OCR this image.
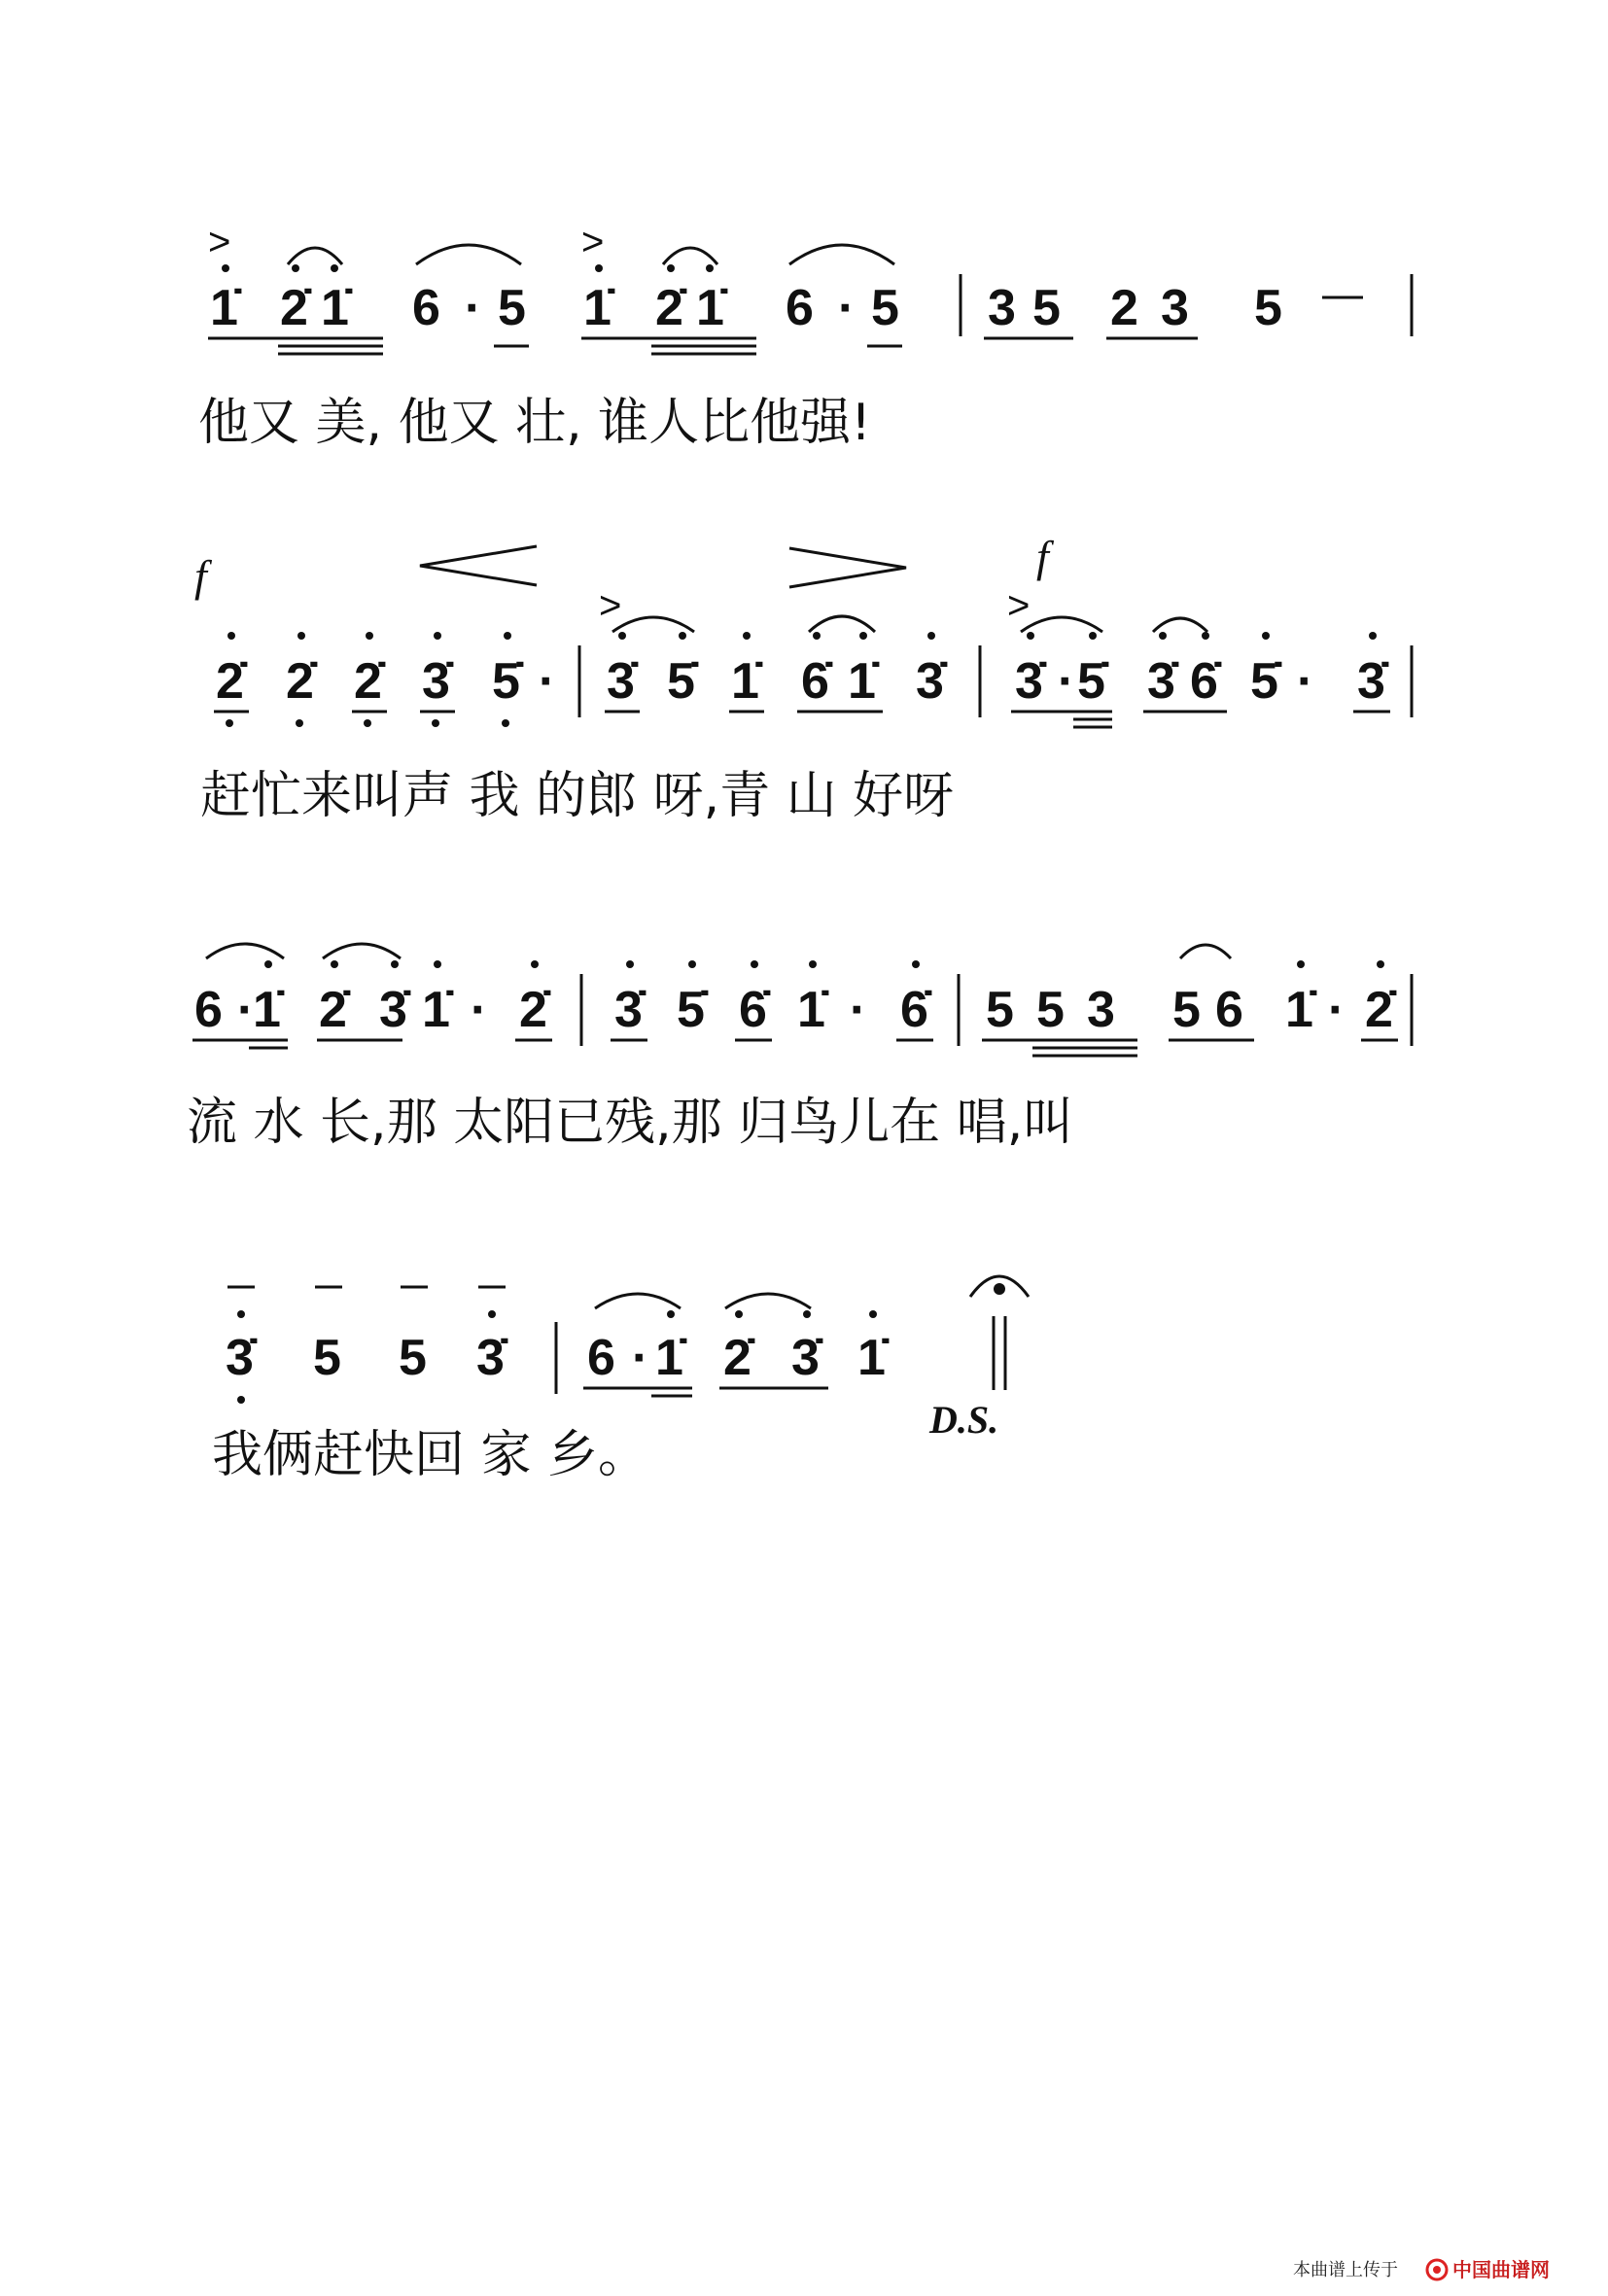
>	>
1̇ 2̇ 1̇ 6 · 5 1̇ 2̇ 1̇ 6 · 5 3 5 2 3 5
他又 美, 他又 壮, 谁人比他强!
f	f
>	>
2̇ 2̇ 2̇ 3̇ 5̇ · 3̇ 5̇ 1̇ 6̇ 1̇ 3̇ 3̇ · 5̇ 3̇ 6̇ 5̇ · 3̇
赶忙来叫声 我 的郎 呀,青 山 好呀
6 ·
1̇ 2̇ 3̇ 1̇ · 2̇ 3̇ 5̇ 6̇ 1̇ · 6̇ 5 5 3 5 6 1̇ · 2̇
流 水 长,那 太阳已残,那 归鸟儿在 唱,叫
3̇ 5 5 3̇ 6 · 1̇ 2̇ 3̇ 1̇
D.S.
我俩赶快回 家 乡。
本曲谱上传于	中国曲谱网
